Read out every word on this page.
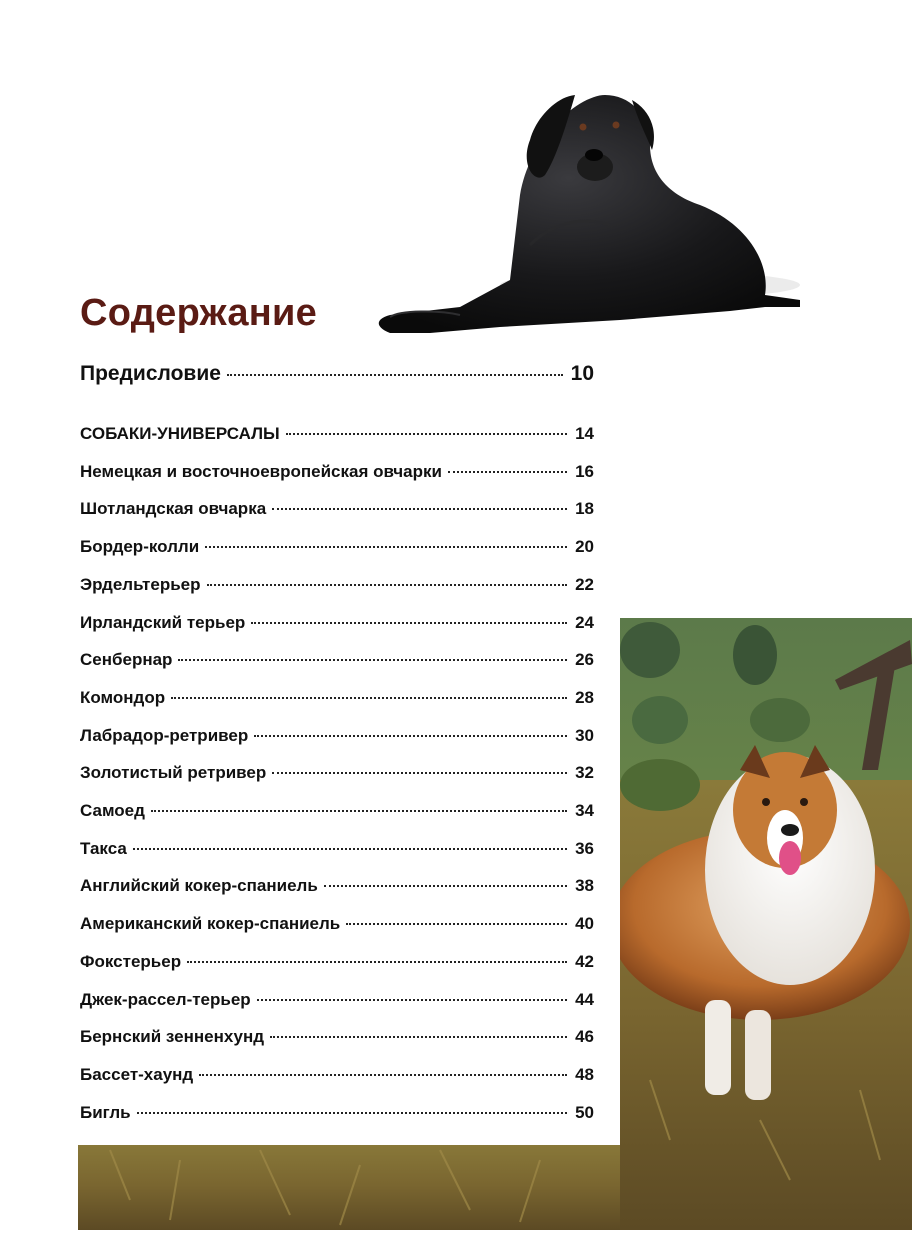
Содержание
Предисловие	10
СОБАКИ-УНИВЕРСАЛЫ	14
Немецкая и восточноевропейская овчарки	16
Шотландская овчарка	18
Бордер-колли	20
Эрдельтерьер	22
Ирландский терьер	24
Сенбернар	26
Комондор	28
Лабрадор-ретривер	30
Золотистый ретривер	32
Самоед	34
Такса	36
Английский кокер-спаниель	38
Американский кокер-спаниель	40
Фокстерьер	42
Джек-рассел-терьер	44
Бернский зенненхунд	46
Бассет-хаунд	48
Бигль	50
